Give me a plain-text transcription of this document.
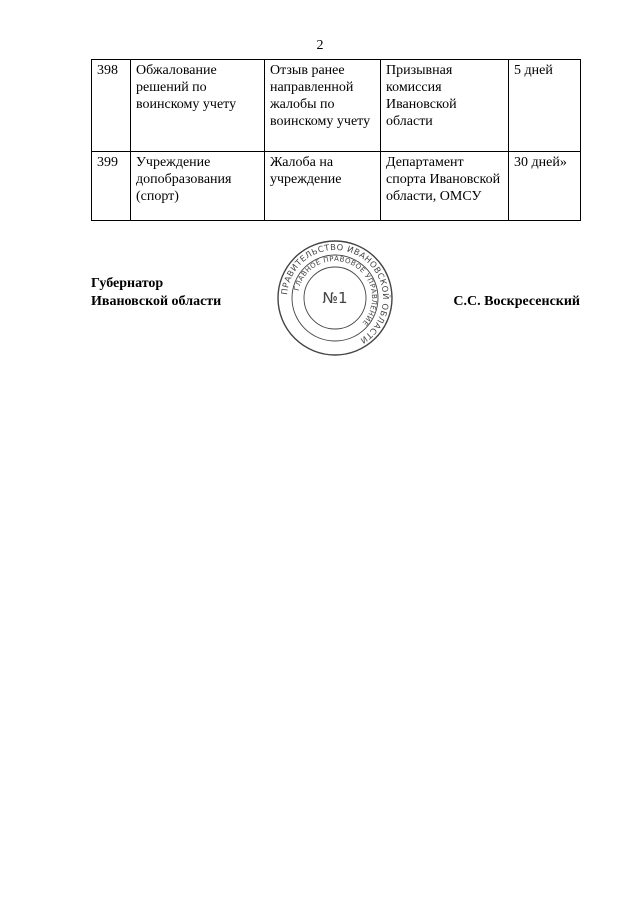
2
398	Обжалование решений по воинскому учету	Отзыв ранее направленной жалобы по воинскому учету	Призывная комиссия Ивановской области	5 дней
399	Учреждение допобразования (спорт)	Жалоба на учреждение	Департамент спорта Ивановской области, ОМСУ	30 дней»
Губернатор
Ивановской области	С.С. Воскресенский
ПРАВИТЕЛЬСТВО ИВАНОВСКОЙ ОБЛАСТИ
ГЛАВНОЕ ПРАВОВОЕ УПРАВЛЕНИЕ
№1
